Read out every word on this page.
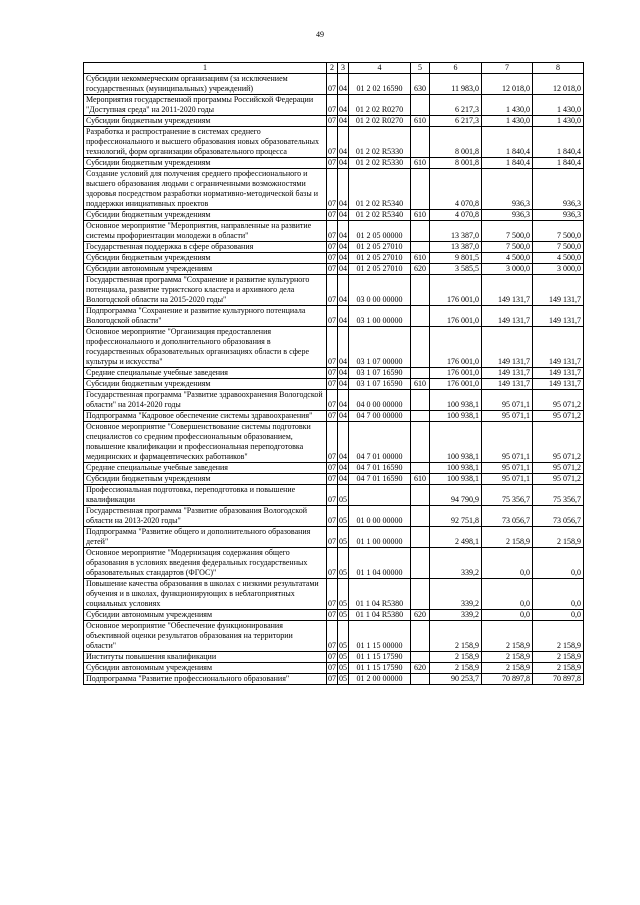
49
1	2	3	4	5	6	7	8
Субсидии некоммерческим организациям (за исключением государственных (муниципальных) учреждений)	07	04	01 2 02 16590	630	11 983,0	12 018,0	12 018,0
Мероприятия государственной программы Российской Федерации "Доступная среда" на 2011-2020 годы	07	04	01 2 02 R0270		6 217,3	1 430,0	1 430,0
Субсидии бюджетным учреждениям	07	04	01 2 02 R0270	610	6 217,3	1 430,0	1 430,0
Разработка и распространение в системах среднего профессионального и высшего образования новых образовательных технологий, форм организации образовательного процесса	07	04	01 2 02 R5330		8 001,8	1 840,4	1 840,4
Субсидии бюджетным учреждениям	07	04	01 2 02 R5330	610	8 001,8	1 840,4	1 840,4
Создание условий для получения среднего профессионального и высшего образования людьми с ограниченными возможностями здоровья посредством разработки нормативно-методической базы и поддержки инициативных проектов	07	04	01 2 02 R5340		4 070,8	936,3	936,3
Субсидии бюджетным учреждениям	07	04	01 2 02 R5340	610	4 070,8	936,3	936,3
Основное мероприятие "Мероприятия, направленные на развитие системы профориентации молодежи в области"	07	04	01 2 05 00000		13 387,0	7 500,0	7 500,0
Государственная поддержка в сфере образования	07	04	01 2 05 27010		13 387,0	7 500,0	7 500,0
Субсидии бюджетным учреждениям	07	04	01 2 05 27010	610	9 801,5	4 500,0	4 500,0
Субсидии автономным учреждениям	07	04	01 2 05 27010	620	3 585,5	3 000,0	3 000,0
Государственная программа "Сохранение и развитие культурного потенциала, развитие туристского кластера и архивного дела Вологодской области на 2015-2020 годы"	07	04	03 0 00 00000		176 001,0	149 131,7	149 131,7
Подпрограмма "Сохранение и развитие культурного потенциала Вологодской области"	07	04	03 1 00 00000		176 001,0	149 131,7	149 131,7
Основное мероприятие "Организация предоставления профессионального и дополнительного образования в государственных образовательных организациях области в сфере культуры и искусства"	07	04	03 1 07 00000		176 001,0	149 131,7	149 131,7
Средние специальные учебные заведения	07	04	03 1 07 16590		176 001,0	149 131,7	149 131,7
Субсидии бюджетным учреждениям	07	04	03 1 07 16590	610	176 001,0	149 131,7	149 131,7
Государственная программа "Развитие здравоохранения Вологодской области" на 2014-2020 годы	07	04	04 0 00 00000		100 938,1	95 071,1	95 071,2
Подпрограмма "Кадровое обеспечение системы здравоохранения"	07	04	04 7 00 00000		100 938,1	95 071,1	95 071,2
Основное мероприятие "Совершенствование системы подготовки специалистов со средним профессиональным образованием, повышение квалификации и профессиональная переподготовка медицинских и фармацевтических работников"	07	04	04 7 01 00000		100 938,1	95 071,1	95 071,2
Средние специальные учебные заведения	07	04	04 7 01 16590		100 938,1	95 071,1	95 071,2
Субсидии бюджетным учреждениям	07	04	04 7 01 16590	610	100 938,1	95 071,1	95 071,2
Профессиональная подготовка, переподготовка и повышение квалификации	07	05			94 790,9	75 356,7	75 356,7
Государственная программа "Развитие образования Вологодской области на 2013-2020 годы"	07	05	01 0 00 00000		92 751,8	73 056,7	73 056,7
Подпрограмма "Развитие общего и дополнительного образования детей"	07	05	01 1 00 00000		2 498,1	2 158,9	2 158,9
Основное мероприятие "Модернизация содержания общего образования в условиях введения федеральных государственных образовательных стандартов (ФГОС)"	07	05	01 1 04 00000		339,2	0,0	0,0
Повышение качества образования в школах с низкими результатами обучения и в школах, функционирующих в неблагоприятных социальных условиях	07	05	01 1 04 R5380		339,2	0,0	0,0
Субсидии автономным учреждениям	07	05	01 1 04 R5380	620	339,2	0,0	0,0
Основное мероприятие "Обеспечение функционирования объективной оценки результатов образования на территории области"	07	05	01 1 15 00000		2 158,9	2 158,9	2 158,9
Институты повышения квалификации	07	05	01 1 15 17590		2 158,9	2 158,9	2 158,9
Субсидии автономным учреждениям	07	05	01 1 15 17590	620	2 158,9	2 158,9	2 158,9
Подпрограмма "Развитие профессионального образования"	07	05	01 2 00 00000		90 253,7	70 897,8	70 897,8
